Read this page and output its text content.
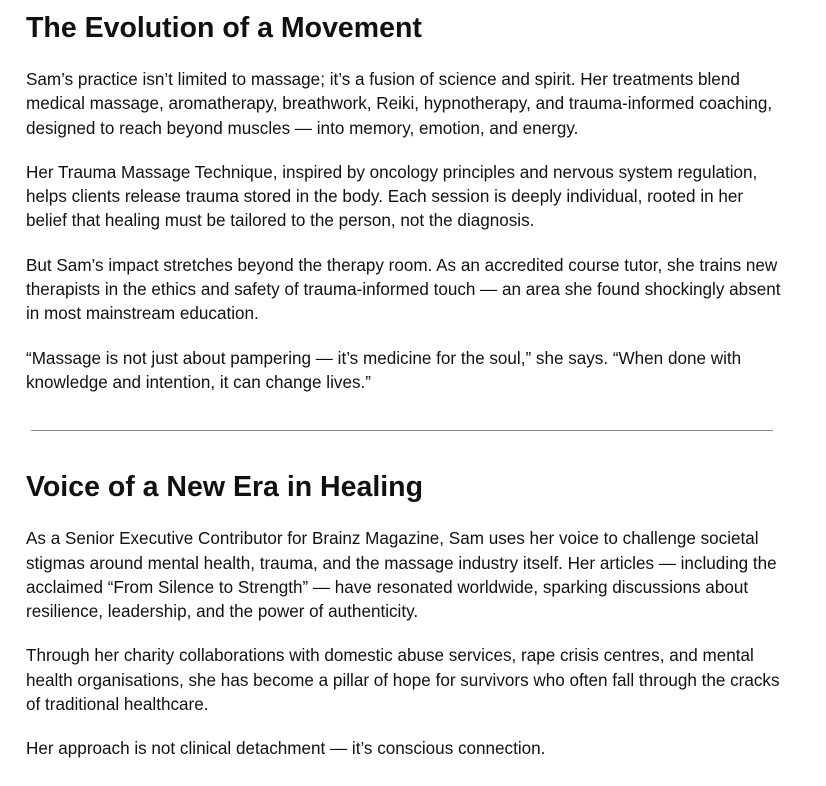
The Evolution of a Movement

Sam’s practice isn’t limited to massage; it’s a fusion of science and spirit. Her treatments blend medical massage, aromatherapy, breathwork, Reiki, hypnotherapy, and trauma-informed coaching, designed to reach beyond muscles — into memory, emotion, and energy.

Her Trauma Massage Technique, inspired by oncology principles and nervous system regulation, helps clients release trauma stored in the body. Each session is deeply individual, rooted in her belief that healing must be tailored to the person, not the diagnosis.

But Sam’s impact stretches beyond the therapy room. As an accredited course tutor, she trains new therapists in the ethics and safety of trauma-informed touch — an area she found shockingly absent in most mainstream education.

“Massage is not just about pampering — it’s medicine for the soul,” she says. “When done with knowledge and intention, it can change lives.”

Voice of a New Era in Healing

As a Senior Executive Contributor for Brainz Magazine, Sam uses her voice to challenge societal stigmas around mental health, trauma, and the massage industry itself. Her articles — including the acclaimed “From Silence to Strength” — have resonated worldwide, sparking discussions about resilience, leadership, and the power of authenticity.

Through her charity collaborations with domestic abuse services, rape crisis centres, and mental health organisations, she has become a pillar of hope for survivors who often fall through the cracks of traditional healthcare.

Her approach is not clinical detachment — it’s conscious connection.
